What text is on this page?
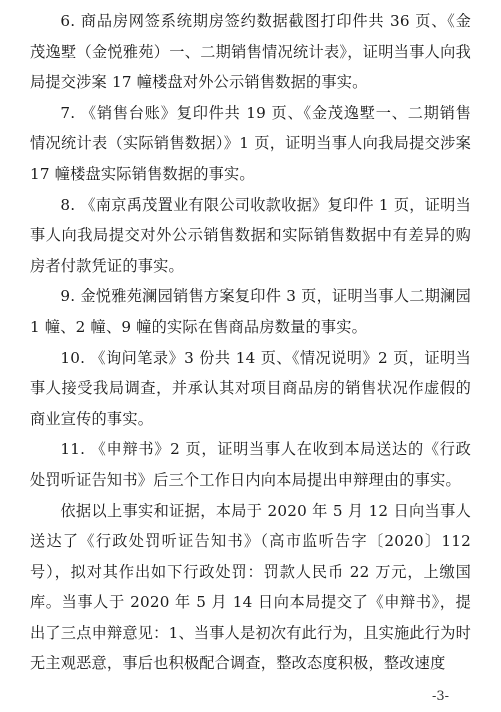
6. 商品房网签系统期房签约数据截图打印件共 36 页、《金茂逸墅（金悦雅苑）一、二期销售情况统计表》，证明当事人向我局提交涉案 17 幢楼盘对外公示销售数据的事实。

7. 《销售台账》复印件共 19 页、《金茂逸墅一、二期销售情况统计表（实际销售数据）》1 页，证明当事人向我局提交涉案 17 幢楼盘实际销售数据的事实。

8. 《南京禹茂置业有限公司收款收据》复印件 1 页，证明当事人向我局提交对外公示销售数据和实际销售数据中有差异的购房者付款凭证的事实。

9. 金悦雅苑澜园销售方案复印件 3 页，证明当事人二期澜园 1 幢、2 幢、9 幢的实际在售商品房数量的事实。

10. 《询问笔录》3 份共 14 页、《情况说明》2 页，证明当事人接受我局调查，并承认其对项目商品房的销售状况作虚假的商业宣传的事实。

11. 《申辩书》2 页，证明当事人在收到本局送达的《行政处罚听证告知书》后三个工作日内向本局提出申辩理由的事实。

依据以上事实和证据，本局于 2020 年 5 月 12 日向当事人送达了《行政处罚听证告知书》（高市监听告字〔2020〕112 号），拟对其作出如下行政处罚：罚款人民币 22 万元，上缴国库。当事人于 2020 年 5 月 14 日向本局提交了《申辩书》，提出了三点申辩意见：1、当事人是初次有此行为，且实施此行为时无主观恶意，事后也积极配合调查，整改态度积极，整改速度

-3-
